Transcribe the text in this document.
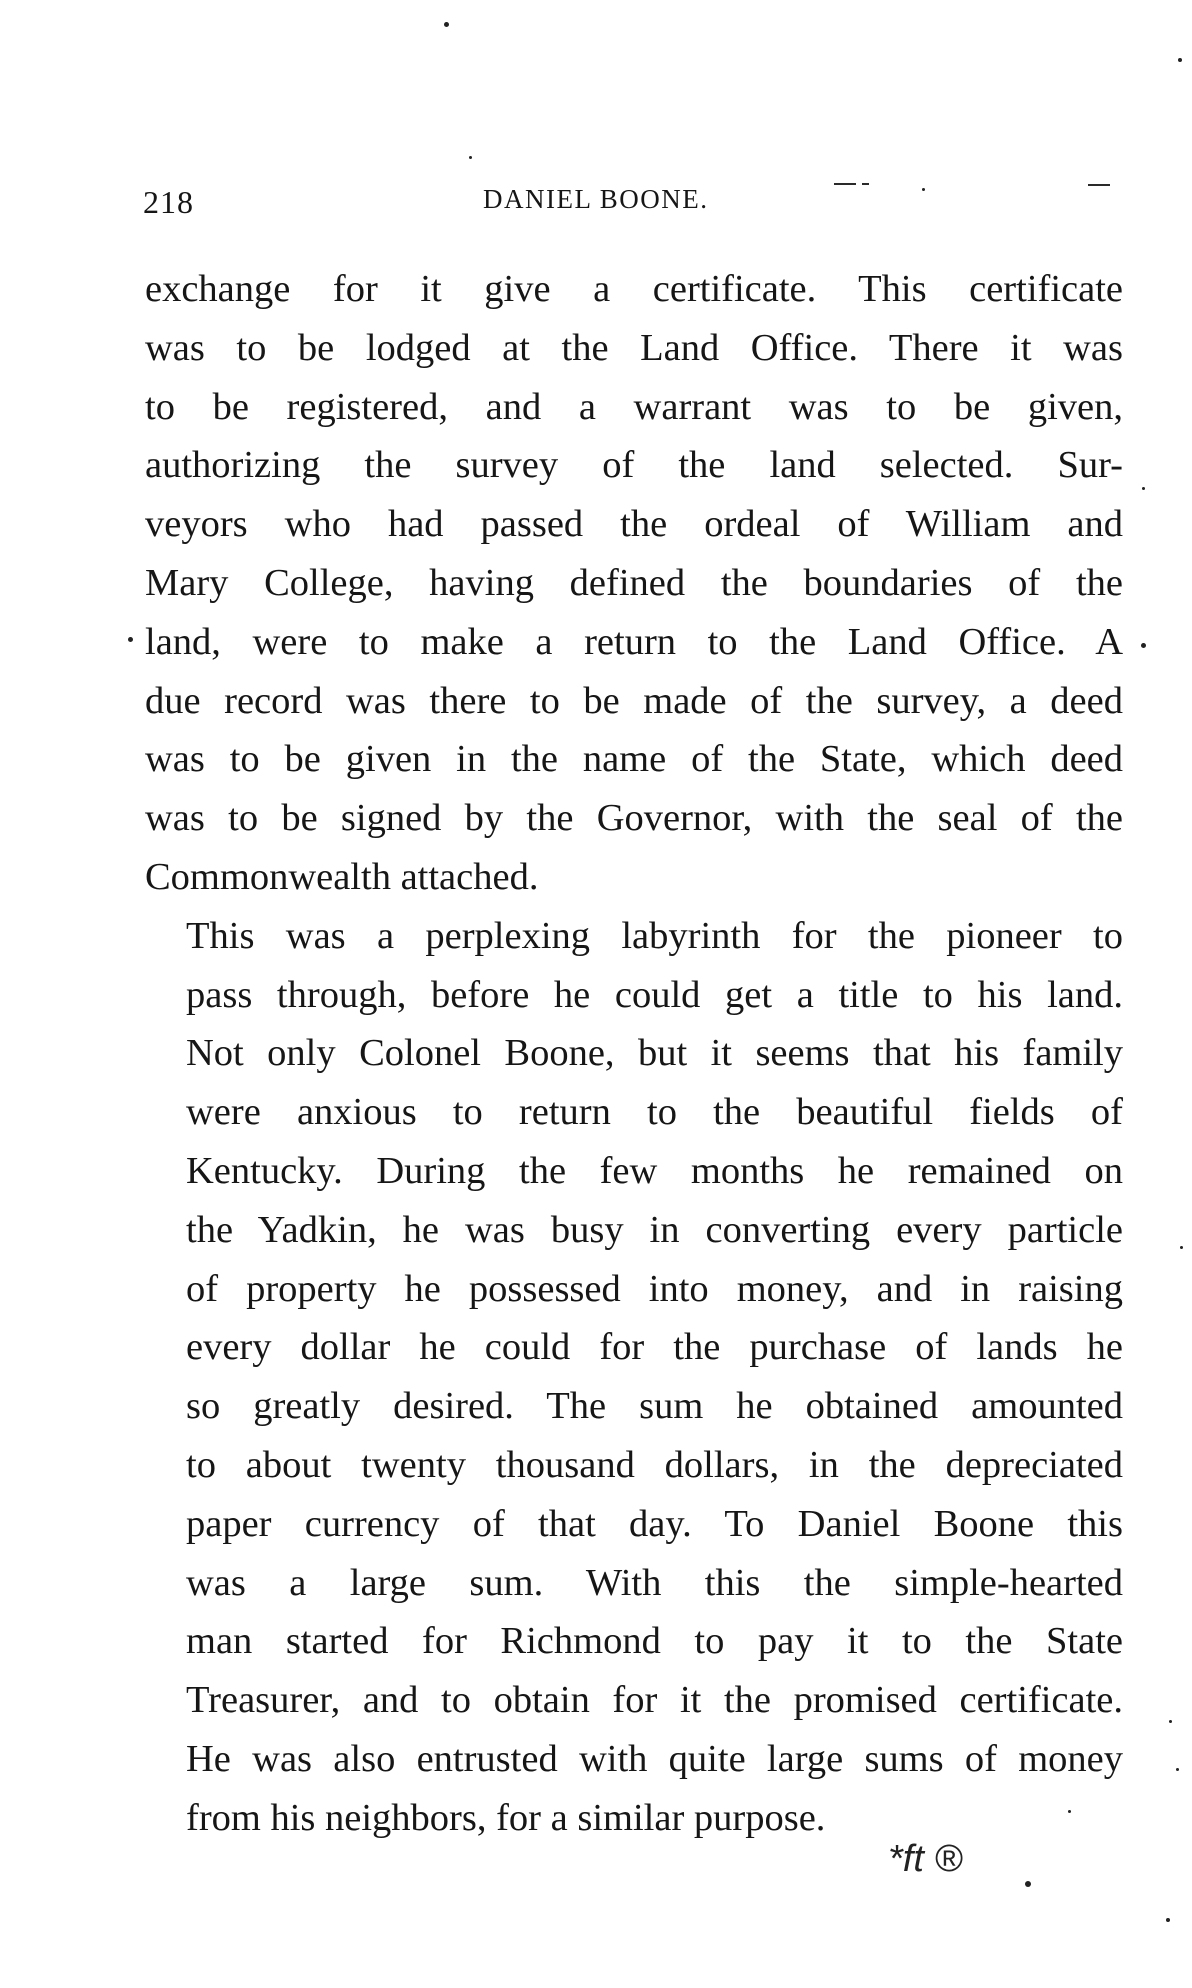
218	DANIEL BOONE.

exchange for it give a certificate. This certificate
was to be lodged at the Land Office. There it was
to be registered, and a warrant was to be given,
authorizing the survey of the land selected. Sur-
veyors who had passed the ordeal of William and
Mary College, having defined the boundaries of the
land, were to make a return to the Land Office. A
due record was there to be made of the survey, a deed
was to be given in the name of the State, which deed
was to be signed by the Governor, with the seal of the
Commonwealth attached.

This was a perplexing labyrinth for the pioneer to
pass through, before he could get a title to his land.
Not only Colonel Boone, but it seems that his family
were anxious to return to the beautiful fields of
Kentucky. During the few months he remained on
the Yadkin, he was busy in converting every particle
of property he possessed into money, and in raising
every dollar he could for the purchase of lands he
so greatly desired. The sum he obtained amounted
to about twenty thousand dollars, in the depreciated
paper currency of that day. To Daniel Boone this
was a large sum. With this the simple-hearted
man started for Richmond to pay it to the State
Treasurer, and to obtain for it the promised certificate.
He was also entrusted with quite large sums of money
from his neighbors, for a similar purpose.

*ft ®
